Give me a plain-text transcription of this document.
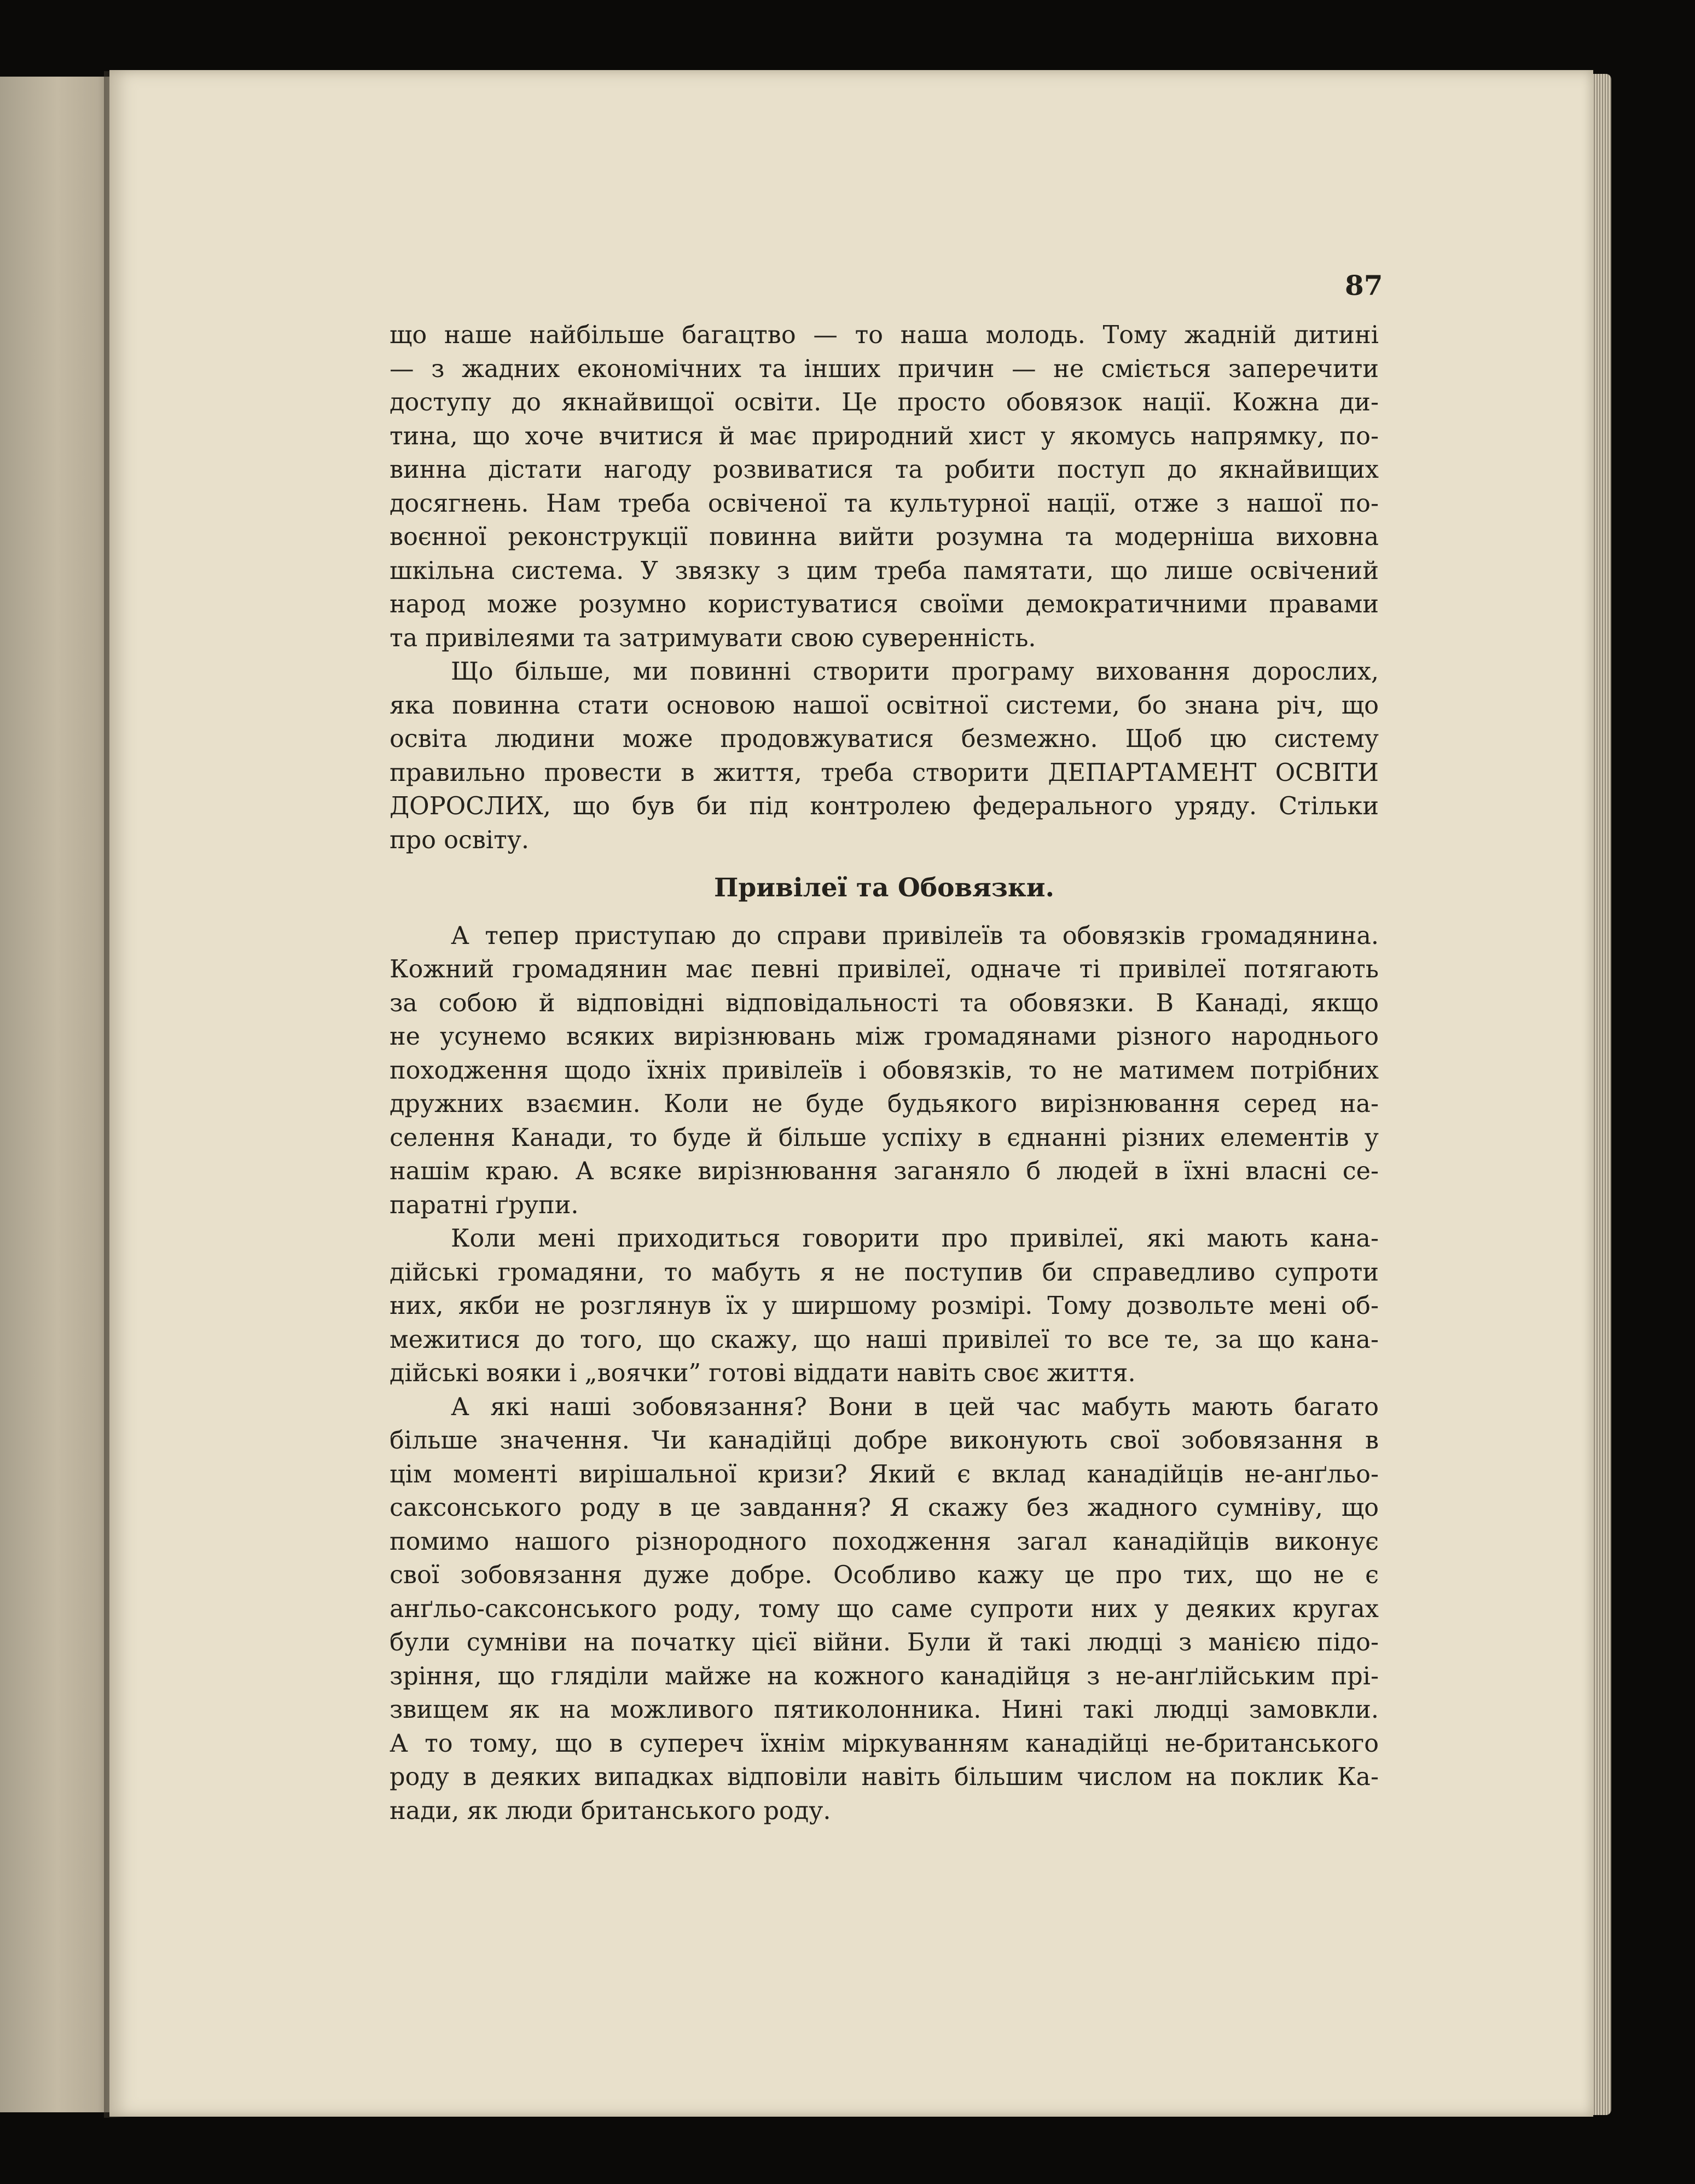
87
що наше найбільше багацтво — то наша молодь. Тому жадній дитині
— з жадних економічних та інших причин — не сміється заперечити
доступу до якнайвищої освіти. Це просто обовязок нації. Кожна ди-
тина, що хоче вчитися й має природний хист у якомусь напрямку, по-
винна дістати нагоду розвиватися та робити поступ до якнайвищих
досягнень. Нам треба освіченої та культурної нації, отже з нашої по-
воєнної реконструкції повинна вийти розумна та модерніша виховна
шкільна система. У звязку з цим треба памятати, що лише освічений
народ може розумно користуватися своїми демократичними правами
та привілеями та затримувати свою суверенність.
Що більше, ми повинні створити програму виховання дорослих,
яка повинна стати основою нашої освітної системи, бо знана річ, що
освіта людини може продовжуватися безмежно. Щоб цю систему
правильно провести в життя, треба створити ДЕПАРТАМЕНТ ОСВІТИ
ДОРОСЛИХ, що був би під контролею федерального уряду. Стільки
про освіту.
Привілеї та Обовязки.
А тепер приступаю до справи привілеїв та обовязків громадянина.
Кожний громадянин має певні привілеї, одначе ті привілеї потягають
за собою й відповідні відповідальності та обовязки. В Канаді, якщо
не усунемо всяких вирізнювань між громадянами різного народнього
походження щодо їхніх привілеїв і обовязків, то не матимем потрібних
дружних взаємин. Коли не буде будьякого вирізнювання серед на-
селення Канади, то буде й більше успіху в єднанні різних елементів у
нашім краю. А всяке вирізнювання заганяло б людей в їхні власні се-
паратні ґрупи.
Коли мені приходиться говорити про привілеї, які мають кана-
дійські громадяни, то мабуть я не поступив би справедливо супроти
них, якби не розглянув їх у ширшому розмірі. Тому дозвольте мені об-
межитися до того, що скажу, що наші привілеї то все те, за що кана-
дійські вояки і „воячки” готові віддати навіть своє життя.
А які наші зобовязання? Вони в цей час мабуть мають багато
більше значення. Чи канадійці добре виконують свої зобовязання в
цім моменті вирішальної кризи? Який є вклад канадійців не-анґльо-
саксонського роду в це завдання? Я скажу без жадного сумніву, що
помимо нашого різнородного походження загал канадійців виконує
свої зобовязання дуже добре. Особливо кажу це про тих, що не є
анґльо-саксонського роду, тому що саме супроти них у деяких кругах
були сумніви на початку цієї війни. Були й такі людці з манією підо-
зріння, що гляділи майже на кожного канадійця з не-анґлійським прі-
звищем як на можливого пятиколонника. Нині такі людці замовкли.
А то тому, що в супереч їхнім міркуванням канадійці не-британського
роду в деяких випадках відповіли навіть більшим числом на поклик Ка-
нади, як люди британського роду.
